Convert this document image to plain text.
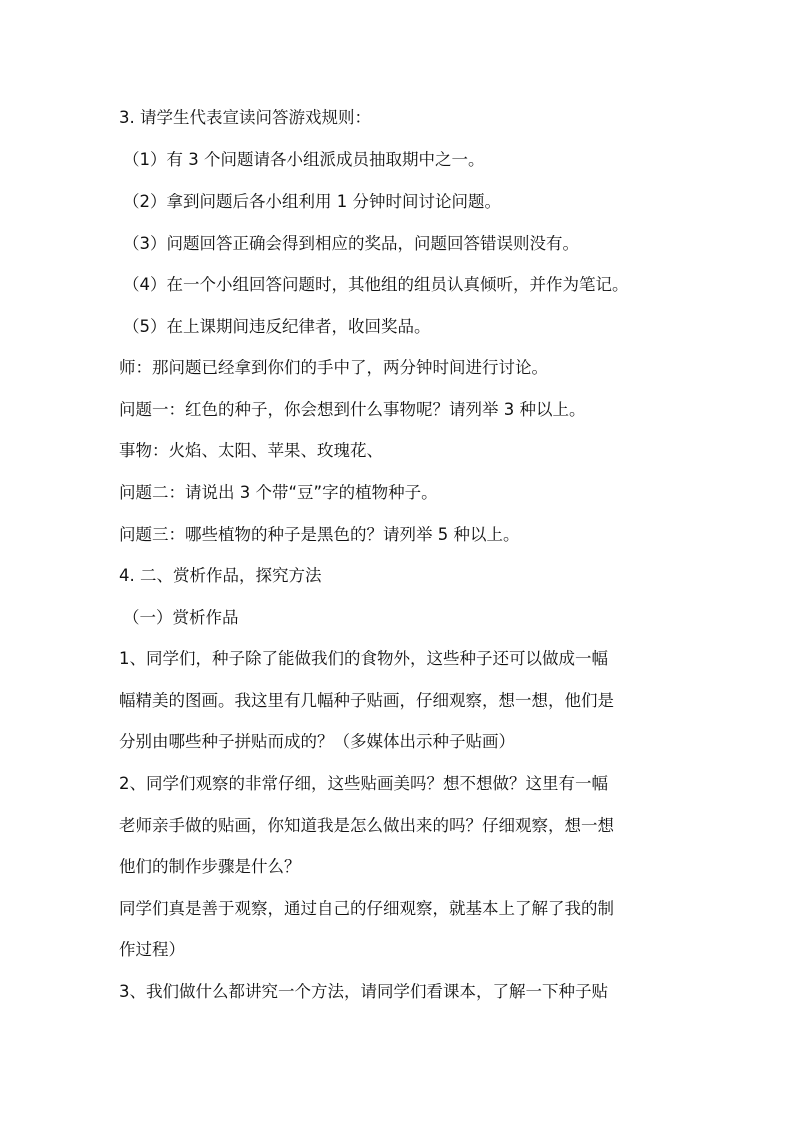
3. 请学生代表宣读问答游戏规则：
（1）有 3 个问题请各小组派成员抽取期中之一。
（2）拿到问题后各小组利用 1 分钟时间讨论问题。
（3）问题回答正确会得到相应的奖品，问题回答错误则没有。
（4）在一个小组回答问题时，其他组的组员认真倾听，并作为笔记。
（5）在上课期间违反纪律者，收回奖品。
师：那问题已经拿到你们的手中了，两分钟时间进行讨论。
问题一：红色的种子，你会想到什么事物呢？请列举 3 种以上。
事物：火焰、太阳、苹果、玫瑰花、
问题二：请说出 3 个带“豆”字的植物种子。
问题三：哪些植物的种子是黑色的？请列举 5 种以上。
4. 二、赏析作品，探究方法
（一）赏析作品
1、同学们，种子除了能做我们的食物外，这些种子还可以做成一幅
幅精美的图画。我这里有几幅种子贴画，仔细观察，想一想，他们是
分别由哪些种子拼贴而成的？（多媒体出示种子贴画）
2、同学们观察的非常仔细，这些贴画美吗？想不想做？这里有一幅
老师亲手做的贴画，你知道我是怎么做出来的吗？仔细观察，想一想
他们的制作步骤是什么？
同学们真是善于观察，通过自己的仔细观察，就基本上了解了我的制
作过程）
3、我们做什么都讲究一个方法，请同学们看课本，了解一下种子贴
